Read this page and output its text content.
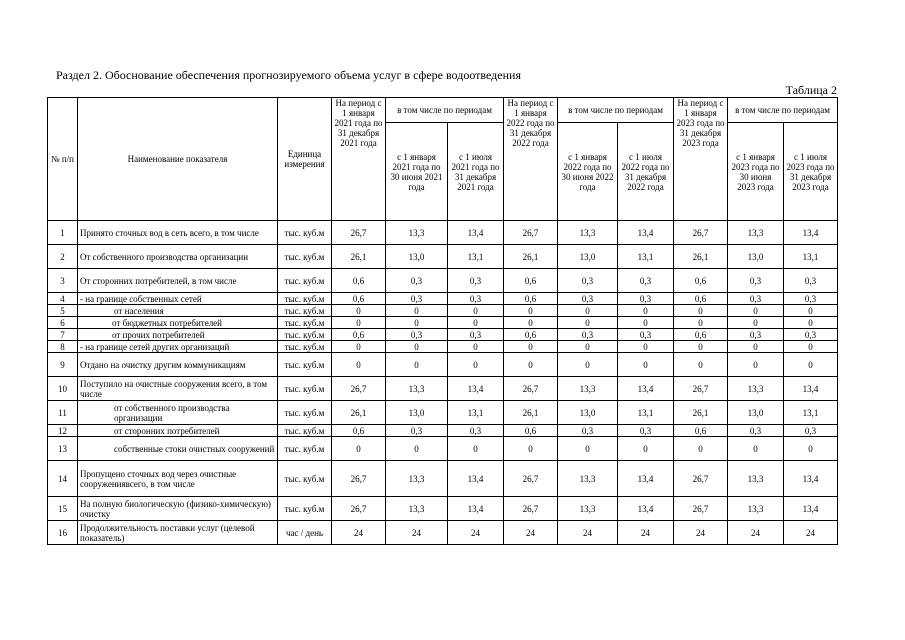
Раздел 2. Обоснование обеспечения прогнозируемого объема услуг в сфере водоотведения
Таблица 2
№ п/п	Наименование показателя	Единица измерения	На период с 1 января 2021 года по 31 декабря 2021 года	в том числе по периодам		На период с 1 января 2022 года по 31 декабря 2022 года	в том числе по периодам		На период с 1 января 2023 года по 31 декабря 2023 года	в том числе по периодам	
				с 1 января 2021 года по 30 июня 2021 года	с 1 июля 2021 года по 31 декабря 2021 года		с 1 января 2022 года по 30 июня 2022 года	с 1 июля 2022 года по 31 декабря 2022 года		с 1 января 2023 года по 30 июня 2023 года	с 1 июля 2023 года по 31 декабря 2023 года
1	Принято сточных вод в сеть всего, в том числе	тыс. куб.м	26,7	13,3	13,4	26,7	13,3	13,4	26,7	13,3	13,4
2	От собственного производства организации	тыс. куб.м	26,1	13,0	13,1	26,1	13,0	13,1	26,1	13,0	13,1
3	От сторонних потребителей, в том числе	тыс. куб.м	0,6	0,3	0,3	0,6	0,3	0,3	0,6	0,3	0,3
4	- на границе собственных сетей	тыс. куб.м	0,6	0,3	0,3	0,6	0,3	0,3	0,6	0,3	0,3
5	от населения	тыс. куб.м	0	0	0	0	0	0	0	0	0
6	от бюджетных потребителей	тыс. куб.м	0	0	0	0	0	0	0	0	0
7	от прочих потребителей	тыс. куб.м	0,6	0,3	0,3	0,6	0,3	0,3	0,6	0,3	0,3
8	- на границе сетей других организаций	тыс. куб.м	0	0	0	0	0	0	0	0	0
9	Отдано на очистку другим коммуникациям	тыс. куб.м	0	0	0	0	0	0	0	0	0
10	Поступило на очистные сооружения всего, в том числе	тыс. куб.м	26,7	13,3	13,4	26,7	13,3	13,4	26,7	13,3	13,4
11	от собственного производства организации	тыс. куб.м	26,1	13,0	13,1	26,1	13,0	13,1	26,1	13,0	13,1
12	от сторонних потребителей	тыс. куб.м	0,6	0,3	0,3	0,6	0,3	0,3	0,6	0,3	0,3
13	собственные стоки очистных сооружений	тыс. куб.м	0	0	0	0	0	0	0	0	0
14	Пропущено сточных вод через очистные сооружениявсего, в том числе	тыс. куб.м	26,7	13,3	13,4	26,7	13,3	13,4	26,7	13,3	13,4
15	На полную биологическую (физико-химическую) очистку	тыс. куб.м	26,7	13,3	13,4	26,7	13,3	13,4	26,7	13,3	13,4
16	Продолжительность поставки услуг (целевой показатель)	час / день	24	24	24	24	24	24	24	24	24
